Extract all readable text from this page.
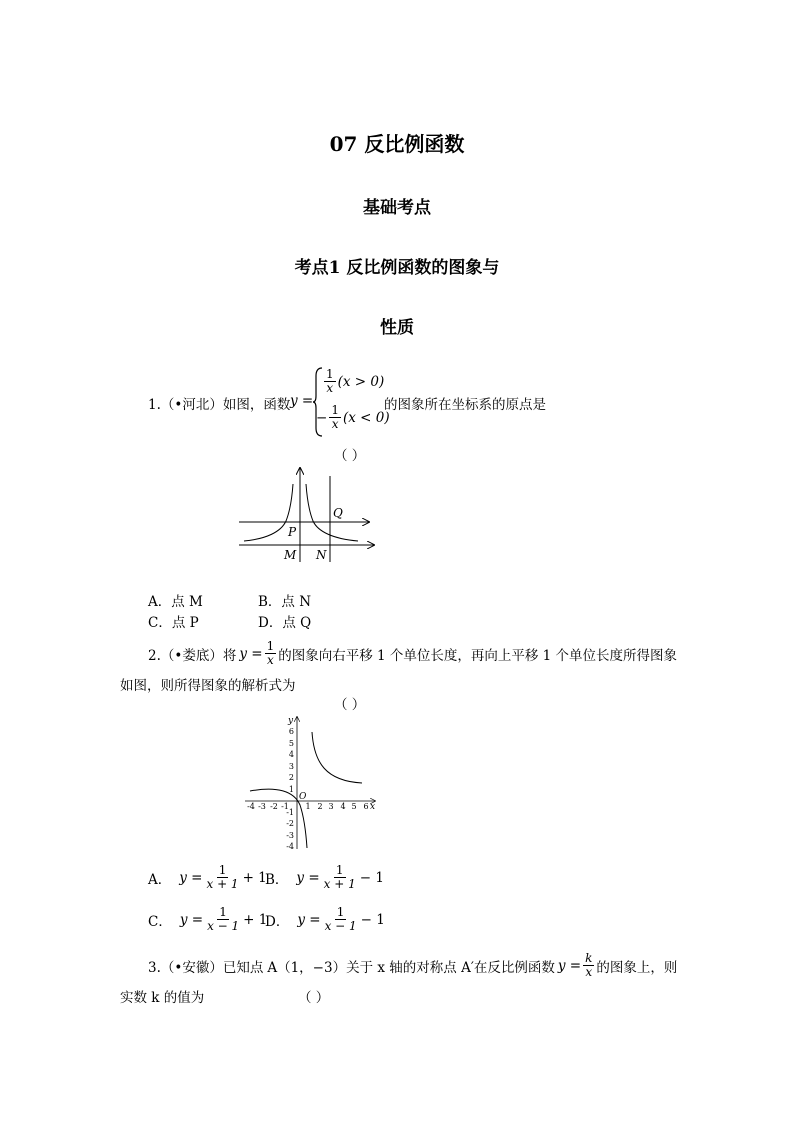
07 反比例函数
基础考点
考点1 反比例函数的图象与
性质
1.（•河北）如图，函数 y =
$\frac{1}{x} (x > 0)$
− $\frac{1}{x} (x < 0)$
的图象所在坐标系的原点是
（ ）
P
Q
M N
A．点 M	B．点 N
C．点 P	D．点 Q
2.（•娄底）将 $y = \frac{1}{x}$ 的图象向右平移 1 个单位长度，再向上平移 1 个单位长度所得图象
如图，则所得图象的解析式为
（ ）
y
x
O
6
5
4
3
2
1
-1
-2
-3
-4
-4 -3 -2 -1 1 2 3 4 5 6
A． $y = \frac{1}{x + 1} + 1$
B． $y = \frac{1}{x + 1} - 1$
C． $y = \frac{1}{x - 1} + 1$
D． $y = \frac{1}{x - 1} - 1$
3.（•安徽）已知点 A（1，−3）关于 x 轴的对称点 A′在反比例函数 $y = \frac{k}{x}$ 的图象上，则
实数 k 的值为	（ ）
